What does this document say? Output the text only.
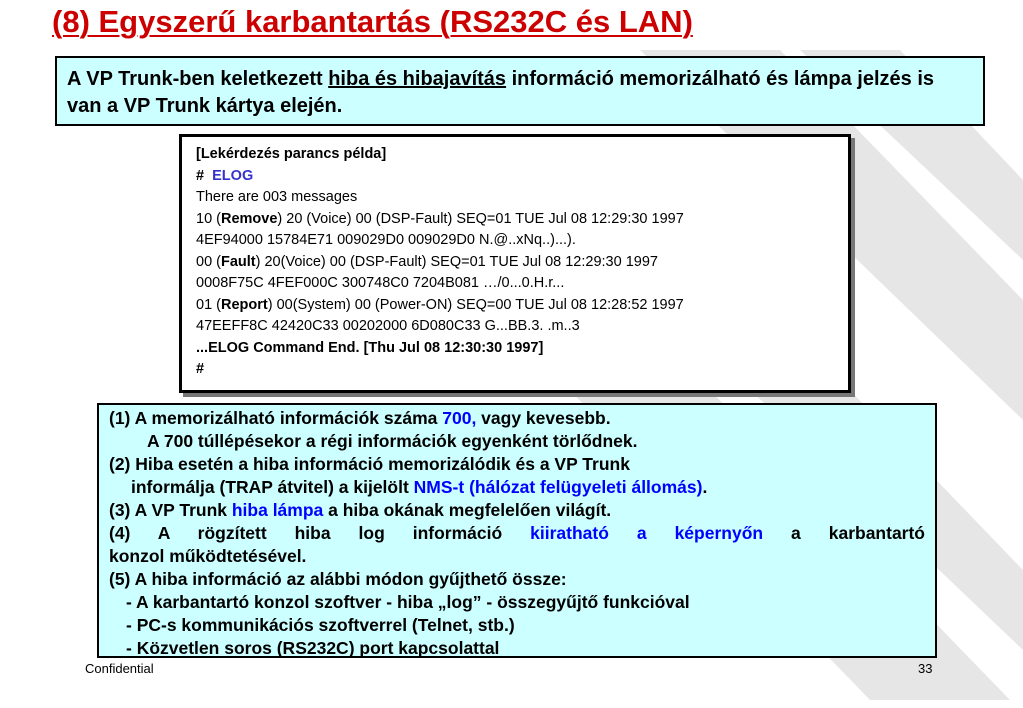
(8) Egyszerű karbantartás (RS232C és LAN)
A VP Trunk-ben keletkezett hiba és hibajavítás információ memorizálható és lámpa jelzés is van a VP Trunk kártya elején.
[Lekérdezés parancs példa]
# ELOG
There are 003 messages
10 (Remove) 20 (Voice) 00 (DSP-Fault) SEQ=01 TUE Jul 08 12:29:30 1997
4EF94000 15784E71 009029D0 009029D0 N.@..xNq..)...).
00 (Fault) 20(Voice) 00 (DSP-Fault) SEQ=01 TUE Jul 08 12:29:30 1997
0008F75C 4FEF000C 300748C0 7204B081 …/0...0.H.r...
01 (Report) 00(System) 00 (Power-ON) SEQ=00 TUE Jul 08 12:28:52 1997
47EEFF8C 42420C33 00202000 6D080C33 G...BB.3. .m..3
...ELOG Command End. [Thu Jul 08 12:30:30 1997]
#
(1) A memorizálható információk száma 700, vagy kevesebb.
A 700 túllépésekor a régi információk egyenként törlődnek.
(2) Hiba esetén a hiba információ memorizálódik és a VP Trunk
informálja (TRAP átvitel) a kijelölt NMS-t (hálózat felügyeleti állomás).
(3) A VP Trunk hiba lámpa a hiba okának megfelelően világít.
(4) A rögzített hiba log információ kiiratható a képernyőn a karbantartó
konzol működtetésével.
(5) A hiba információ az alábbi módon gyűjthető össze:
- A karbantartó konzol szoftver - hiba „log” - összegyűjtő funkcióval
- PC-s kommunikációs szoftverrel (Telnet, stb.)
- Közvetlen soros (RS232C) port kapcsolattal
Confidential	33
